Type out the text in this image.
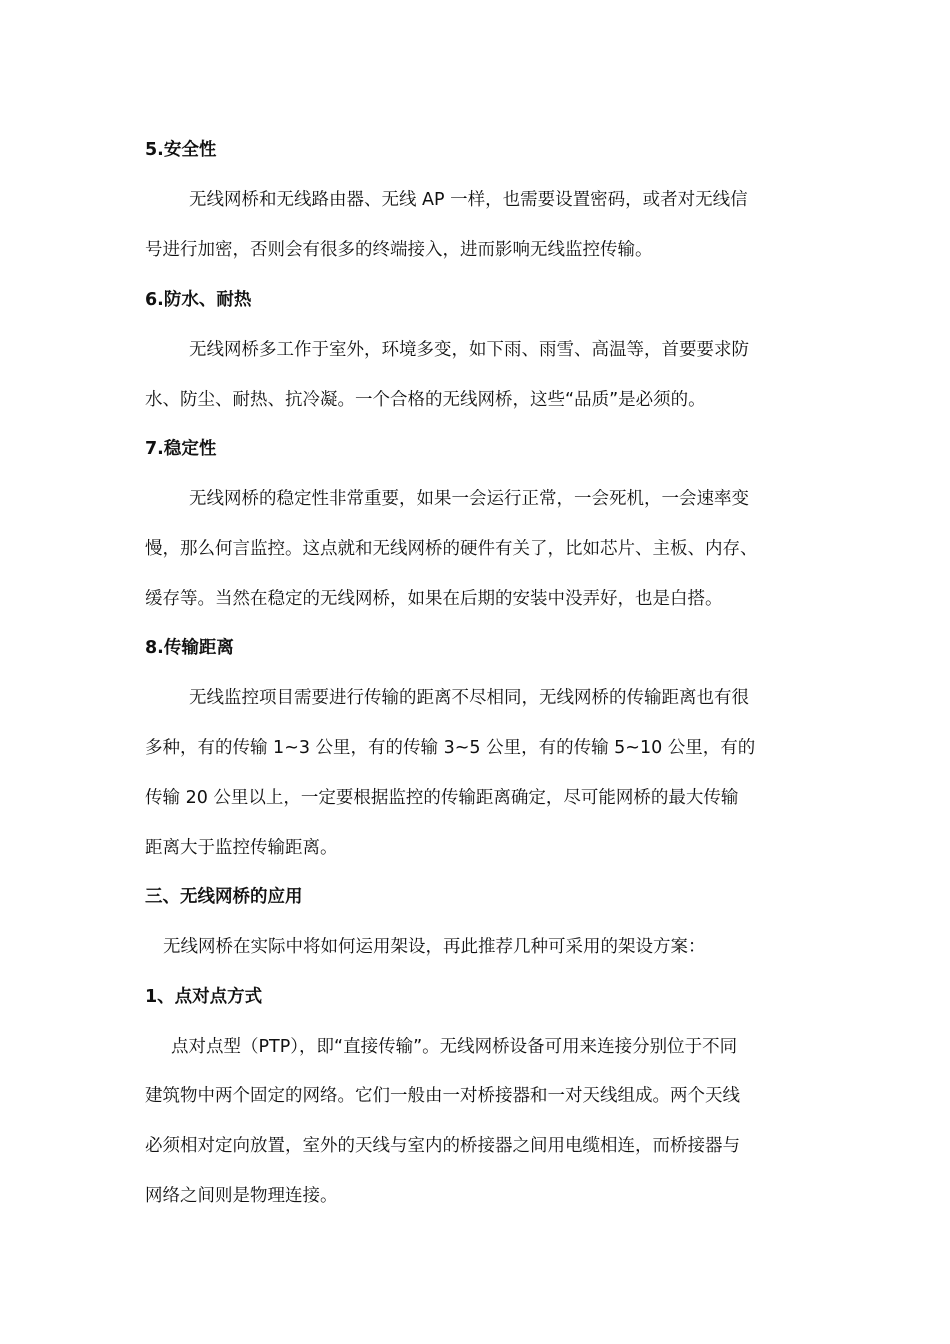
5.安全性
无线网桥和无线路由器、无线 AP 一样，也需要设置密码，或者对无线信
号进行加密，否则会有很多的终端接入，进而影响无线监控传输。
6.防水、耐热
无线网桥多工作于室外，环境多变，如下雨、雨雪、高温等，首要要求防
水、防尘、耐热、抗冷凝。一个合格的无线网桥，这些“品质”是必须的。
7.稳定性
无线网桥的稳定性非常重要，如果一会运行正常，一会死机，一会速率变
慢，那么何言监控。这点就和无线网桥的硬件有关了，比如芯片、主板、内存、
缓存等。当然在稳定的无线网桥，如果在后期的安装中没弄好，也是白搭。
8.传输距离
无线监控项目需要进行传输的距离不尽相同，无线网桥的传输距离也有很
多种，有的传输 1~3 公里，有的传输 3~5 公里，有的传输 5~10 公里，有的
传输 20 公里以上，一定要根据监控的传输距离确定，尽可能网桥的最大传输
距离大于监控传输距离。
三、无线网桥的应用
无线网桥在实际中将如何运用架设，再此推荐几种可采用的架设方案：
1、点对点方式
点对点型（PTP），即“直接传输”。无线网桥设备可用来连接分别位于不同
建筑物中两个固定的网络。它们一般由一对桥接器和一对天线组成。两个天线
必须相对定向放置，室外的天线与室内的桥接器之间用电缆相连，而桥接器与
网络之间则是物理连接。
